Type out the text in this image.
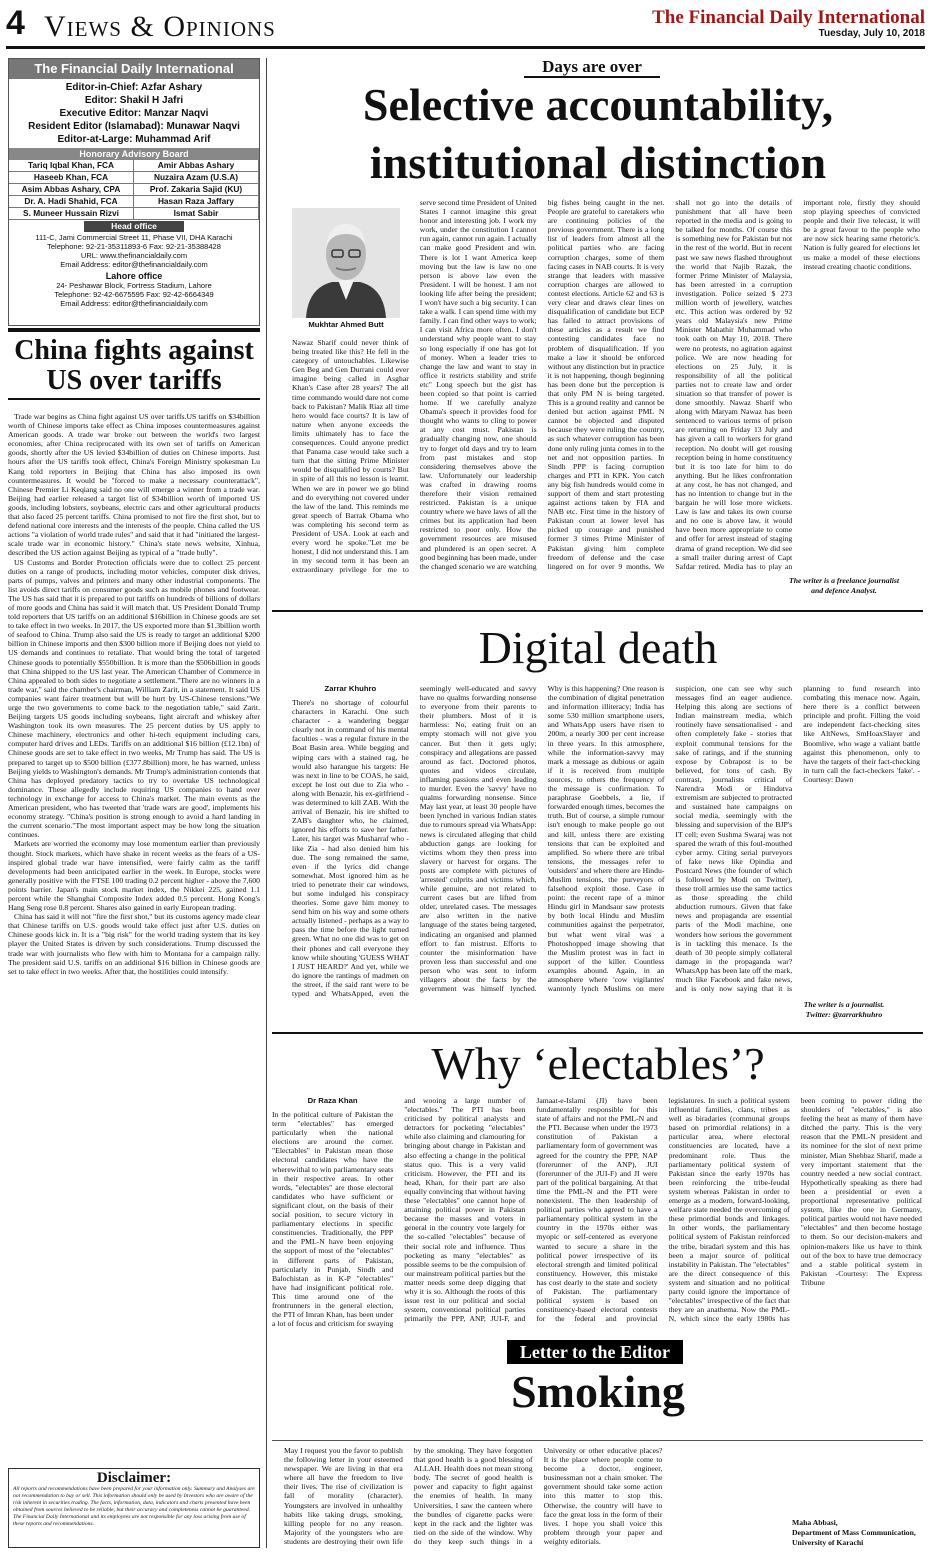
4 Views & Opinions	The Financial Daily International
Tuesday, July 10, 2018
The Financial Daily International
Editor-in-Chief: Azfar Ashary
Editor: Shakil H Jafri
Executive Editor: Manzar Naqvi
Resident Editor (Islamabad): Munawar Naqvi
Editor-at-Large: Muhammad Arif
Honorary Advisory Board
Tariq Iqbal Khan, FCA	Amir Abbas Ashary
Haseeb Khan, FCA	Nuzaira Azam (U.S.A)
Asim Abbas Ashary, CPA	Prof. Zakaria Sajid (KU)
Dr. A. Hadi Shahid, FCA	Hasan Raza Jaffary
S. Muneer Hussain Rizvi	Ismat Sabir
Head office
111-C, Jami Commercial Street 11, Phase VII, DHA Karachi
Telephone: 92-21-35311893-6 Fax: 92-21-35388428
URL: www.thefinancialdaily.com
Email Address: editor@thefinancialdaily.com
Lahore office
24- Peshawar Block, Fortress Stadium, Lahore
Telephone: 92-42-6675595 Fax: 92-42-6664349
Email Address: editor@thefinancialdaily.com
China fights against US over tariffs

Trade war begins as China fight against US over tariffs.US tariffs on $34billion worth of Chinese imports take effect as China imposes countermeasures against American goods. A trade war broke out between the world's two largest economies, after China reciprocated with its own set of tariffs on American goods, shortly after the US levied $34billion of duties on Chinese imports. Just hours after the US tariffs took effect, China's Foreign Ministry spokesman Lu Kang told reporters in Beijing that China has also imposed its own countermeasures. It would be "forced to make a necessary counterattack", Chinese Premier Li Keqiang said no one will emerge a winner from a trade war. Beijing had earlier released a target list of $34billion worth of imported US goods, including lobsters, soybeans, electric cars and other agricultural products that also faced 25 percent tariffs. China promised to not fire the first shot, but to defend national core interests and the interests of the people. China called the US actions "a violation of world trade rules" and said that it had "initiated the largest-scale trade war in economic history." China's state news website, Xinhua, described the US action against Beijing as typical of a "trade bully".

US Customs and Border Protection officials were due to collect 25 percent duties on a range of products, including motor vehicles, computer disk drives, parts of pumps, valves and printers and many other industrial components. The list avoids direct tariffs on consumer goods such as mobile phones and footwear. The US has said that it is prepared to put tariffs on hundreds of billions of dollars of more goods and China has said it will match that. US President Donald Trump told reporters that US tariffs on an additional $16billion in Chinese goods are set to take effect in two weeks. In 2017, the US exported more than $1.3billion worth of seafood to China. Trump also said the US is ready to target an additional $200 billion in Chinese imports and then $300 billion more if Beijing does not yield to US demands and continues to retaliate. That would bring the total of targeted Chinese goods to potentially $550billion. It is more than the $506billion in goods that China shipped to the US last year. The American Chamber of Commerce in China appealed to both sides to negotiate a settlement."There are no winners in a trade war," said the chamber's chairman, William Zarit, in a statement. It said US companies want fairer treatment but will be hurt by US-Chinese tensions."We urge the two governments to come back to the negotiation table," said Zarit. Beijing targets US goods including soybeans, light aircraft and whiskey after Washington took its own measures. The 25 percent duties by US apply to Chinese machinery, electronics and other hi-tech equipment including cars, computer hard drives and LEDs. Tariffs on an additional $16 billion (£12.1bn) of Chinese goods are set to take effect in two weeks, Mr Trump has said. The US is prepared to target up to $500 billion (£377.8billion) more, he has warned, unless Beijing yields to Washington's demands. Mr Trump's administration contends that China has deployed predatory tactics to try to overtake US technological dominance. These allegedly include requiring US companies to hand over technology in exchange for access to China's market. The main events as the American president, who has tweeted that 'trade wars are good', implements his economy strategy. "China's position is strong enough to avoid a hard landing in the current scenario."The most important aspect may be how long the situation continues.

Markets are worried the economy may lose momentum earlier than previously thought. Stock markets, which have shake in recent weeks as the fears of a US-inspired global trade war have intensified, were fairly calm as the tariff developments had been anticipated earlier in the week. In Europe, stocks were generally positive with the FTSE 100 trading 0.2 percent higher - above the 7,600 points barrier. Japan's main stock market index, the Nikkei 225, gained 1.1 percent while the Shanghai Composite Index added 0.5 percent. Hong Kong's Hang Seng rose 0.8 percent. Shares also gained in early European trading.

China has said it will not "fire the first shot," but its customs agency made clear that Chinese tariffs on U.S. goods would take effect just after U.S. duties on Chinese goods kick in. It is a "big risk" for the world trading system that its key player the United States is driven by such considerations. Trump discussed the trade war with journalists who flew with him to Montana for a campaign rally. The president said U.S. tariffs on an additional $16 billion in Chinese goods are set to take effect in two weeks. After that, the hostilities could intensify.

Disclaimer:
All reports and recommendations have been prepared for your information only. Summary and Analyses are not recommendation to buy or sell. This information should only be used by Investors who are aware of the risk inherent in securities trading. The facts, information, data, indicators and charts presented have been obtained from sources believed to be reliable, but their accuracy and completeness cannot be guaranteed. The Financial Daily International and its employees are not responsible for any loss arising from use of these reports and recommendations.
Days are over
Selective accountability,
institutional distinction
Mukhtar Ahmed Butt

Nawaz Sharif could never think of being treated like this? He fell in the category of untouchables. Likewise Gen Beg and Gen Durrani could ever imagine being called in Asghar Khan's Case after 28 years? The all time commando would dare not come back to Pakistan? Malik Riaz all time hero would face courts? It is law of nature when anyone exceeds the limits ultimately has to face the consequences. Could anyone predict that Panama case would take such a turn that the sitting Prime Minister would be disqualified by courts? But in spite of all this no lesson is learnt. When we are in power we go blind and do everything not covered under the law of the land. This reminds me great speech of Barrak Obama who was completing his second term as President of USA. Look at each and every word he spoke."Let me be honest, I did not understand this. I am in my second term it has been an extraordinary privilege for me to serve second time President of United States I cannot imagine this great honor and interesting job. I work my work, under the constitution I cannot run again, cannot run again. I actually can make good President and win. There is lot I want America keep moving but the law is law no one person is above law even the President. I will be honest. I am not looking life after being the president; I won't have such a big security. I can take a walk. I can spend time with my family. I can find other ways to work; I can visit Africa more often. I don't understand why people want to stay so long especially if one has got lot of money. When a leader tries to change the law and want to stay in office it restricts stability and strife etc" Long speech but the gist has been copied so that point is carried home. If we carefully analyze Obama's speech it provides food for thought who wants to cling to power at any cost must. Pakistan is gradually changing now, one should try to forget old days and try to learn from past mistakes and stop considering themselves above the law. Unfortunately our leadership was crafted in drawing rooms therefore their vision remained restricted. Pakistan is a unique country where we have laws of all the crimes but its application had been restricted to poor only. How the government resources are misused and plundered is an open secret. A good beginning has been made, under the changed scenario we are watching big fishes being caught in the net. People are grateful to caretakers who are continuing policies of the previous government. There is a long list of leaders from almost all the political parties who are facing corruption charges, some of them facing cases in NAB courts. It is very strange that leaders with massive corruption charges are allowed to contest elections. Article 62 and 63 is very clear and draws clear lines on disqualification of candidate but ECP has failed to attract provisions of these articles as a result we find contesting candidates face no problem of disqualification. If you make a law it should be enforced without any distinction but in practice it is not happening, though beginning has been done but the perception is that only PM N is being targeted. This is a ground reality and cannot be denied but action against PML N cannot be objected and disputed because they were ruling the country, as such whatever corruption has been done only ruling junta comes in to the net and not opposition parties. In Sindh PPP is facing corruption charges and PTI in KPK. You catch any big fish hundreds would come in support of them and start protesting against actions taken by FIA and NAB etc. First time in the history of Pakistan court at lower level has picked up courage and punished former 3 times Prime Minister of Pakistan giving him complete freedom of defense and the case lingered on for over 9 months. We shall not go into the details of punishment that all have been reported in the media and is going to be talked for months. Of course this is something new for Pakistan but not in the rest of the world. But in recent past we saw news flashed throughout the world that Najib Razak, the former Prime Minister of Malaysia, has been arrested in a corruption investigation. Police seized $ 273 million worth of jewellery, watches etc. This action was ordered by 92 years old Malaysia's new Prime Minister Mahathir Muhammad who took oath on May 10, 2018. There were no protests, no agitation against police. We are now heading for elections on 25 July, it is responsibility of all the political parties not to create law and order situation so that transfer of power is done smoothly. Nawaz Sharif who along with Maryam Nawaz has been sentenced to various terms of prison are returning on Friday 13 July and has given a call to workers for grand reception. No doubt will get rousing reception being in home constituency but it is too late for him to do anything. But he likes confrontation at any cost, he has not changed, and has no intention to change but in the bargain he will lose more wickets. Law is law and takes its own course and no one is above law, it would have been more appropriate to come and offer for arrest instead of staging drama of grand reception. We did see a small trailer during arrest of Capt Safdar retired. Media has to play an important role, firstly they should stop playing speeches of convicted people and their live telecast, it will be a great favour to the people who are now sick hearing same rhetoric's. Nation is fully geared for elections let us make a model of these elections instead creating chaotic conditions.

The writer is a freelance journalist
and defence Analyst.
Digital death
Zarrar Khuhro

There's no shortage of colourful characters in Karachi. One such character - a wandering beggar clearly not in command of his mental faculties - was a regular fixture in the Boat Basin area. While begging and wiping cars with a stained rag, he would also harangue his targets: He was next in line to be COAS, he said, except he lost out due to Zia who - along with Benazir, his ex-girlfriend - was determined to kill ZAB. With the arrival of Benazir, his ire shifted to ZAB's daughter who, he claimed, ignored his efforts to save her father. Later, his target was Musharraf who - like Zia - had also denied him his due. The song remained the same, even if the lyrics did change somewhat. Most ignored him as he tried to penetrate their car windows, but some indulged his conspiracy theories. Some gave him money to send him on his way and some others actually listened - perhaps as a way to pass the time before the light turned green. What no one did was to get on their phones and call everyone they know while shouting 'GUESS WHAT I JUST HEARD?' And yet, while we do ignore the rantings of madmen on the street, if the said rant were to be typed and WhatsApped, even the seemingly well-educated and savvy have no qualms forwarding nonsense to everyone from their parents to their plumbers. Most of it is harmless: No, eating fruit on an empty stomach will not give you cancer. But then it gets ugly; conspiracy and allegations are passed around as fact. Doctored photos, quotes and videos circulate, inflaming passions and even leading to murder. Even the 'savvy' have no qualms forwarding nonsense. Since May last year, at least 30 people have been lynched in various Indian states due to rumours spread via WhatsApp: news is circulated alleging that child abduction gangs are looking for victims whom they then press into slavery or harvest for organs. The posts are complete with pictures of 'arrested' culprits and victims which, while genuine, are not related to current cases but are lifted from older, unrelated cases. The messages are also written in the native language of the states being targeted, indicating an organised and planned effort to fan mistrust. Efforts to counter the misinformation have proven less than successful and one person who was sent to inform villagers about the facts by the government was himself lynched. Why is this happening? One reason is the combination of digital penetration and information illiteracy; India has some 530 million smartphone users, and WhatsApp users have risen to 200m, a nearly 300 per cent increase in three years. In this atmosphere, while the information-savvy may mark a message as dubious or again if it is received from multiple sources, to others the frequency of the message is confirmation. To paraphrase Goebbels, a lie, if forwarded enough times, becomes the truth. But of course, a simple rumour isn't enough to make people go out and kill, unless there are existing tensions that can be exploited and amplified. So where there are tribal tensions, the messages refer to 'outsiders' and where there are Hindu-Muslim tensions, the purveyors of falsehood exploit those. Case in point: the recent rape of a minor Hindu girl in Mandsaur saw protests by both local Hindu and Muslim communities against the perpetrator, but what went viral was a Photoshopped image showing that the Muslim protest was in fact in support of the killer. Countless examples abound. Again, in an atmosphere where 'cow vigilantes' wantonly lynch Muslims on mere suspicion, one can see why such messages find an eager audience. Helping this along are sections of Indian mainstream media, which routinely have sensationalised - and often completely fake - stories that exploit communal tensions for the sake of ratings, and if the stunning expose by Cobrapost is to be believed, for tons of cash. By contrast, journalists critical of Narendra Modi or Hindutva extremism are subjected to protracted and sustained hate campaigns on social media, seemingly with the blessing and supervision of the BJP's IT cell; even Sushma Swaraj was not spared the wrath of this foul-mouthed cyber army. Citing serial purveyors of fake news like Opindia and Postcard News (the founder of which is followed by Modi on Twitter), these troll armies use the same tactics as those spreading the child abduction rumours. Given that fake news and propaganda are essential parts of the Modi machine, one wonders how serious the government is in tackling this menace. Is the death of 30 people simply collateral damage in the propaganda war? WhatsApp has been late off the mark, much like Facebook and fake news, and is only now saying that it is planning to fund research into combating this menace now. Again, here there is a conflict between principle and profit. Filling the void are independent fact-checking sites like AltNews, SmHoaxSlayer and Boomlive, who wage a valiant battle against this phenomenon, only to have the targets of their fact-checking in turn call the fact-checkers 'fake'. -Courtesy: Dawn

The writer is a journalist.
Twitter: @zarrarkhuhro
Why ‘electables’?
Dr Raza Khan

In the political culture of Pakistan the term "electables" has emerged particularly when the national elections are around the corner. "Electables" in Pakistan mean those electoral candidates who have the wherewithal to win parliamentary seats in their respective areas. In other words, "electables" are those electoral candidates who have sufficient or significant clout, on the basis of their social position, to secure victory in parliamentary elections in specific constituencies. Traditionally, the PPP and the PML-N have been enjoying the support of most of the "electables" in different parts of Pakistan, particularly in Punjab, Sindh and Balochistan as in K-P "electables" have had insignificant political role. This time around one of the frontrunners in the general election, the PTI of Imran Khan, has been under a lot of focus and criticism for swaying and wooing a large number of "electables." The PTI has been criticised by political analysts and detractors for pocketing "electables" while also claiming and clamouring for bringing about change in Pakistan and also effecting a change in the political status quo. This is a very valid criticism. However, the PTI and its head, Khan, for their part are also equally convincing that without having these "electables" one cannot hope of attaining political power in Pakistan because the masses and voters in general in the country vote largely for the so-called "electables" because of their social role and influence. Thus pocketing as many "electables" as possible seems to be the compulsion of our mainstream political parties but the matter needs some deep digging that why it is so. Although the roots of this issue rest in our political and social system, conventional political parties primarily the PPP, ANP, JUI-F, and Jamaat-e-Islami (JI) have been fundamentally responsible for this state of affairs and not the PML-N and the PTI. Because when under the 1973 constitution of Pakistan a parliamentary form of government was agreed for the country the PPP, NAP (forerunner of the ANP), JUI (forerunner of the JUI-F) and JI were part of the political bargaining. At that time the PML-N and the PTI were nonexistent. The then leadership of political parties who agreed to have a parliamentary political system in the country in the 1970s either was myopic or self-centered as everyone wanted to secure a share in the political power irrespective of its electoral strength and limited political constituency. However, this mistake has cost dearly to the state and society of Pakistan. The parliamentary political system is based on constituency-based electoral contests for the federal and provincial legislatures. In such a political system influential families, clans, tribes as well as biradaries (communal groups based on primordial relations) in a particular area, where electoral constituencies are located, have a predominant role. Thus the parliamentary political system of Pakistan since the early 1970s has been reinforcing the tribe-feudal system whereas Pakistan in order to emerge as a modern, forward-looking, welfare state needed the overcoming of these primordial bonds and linkages. In other words, the parliamentary political system of Pakistan reinforced the tribe, biradari system and this has been a major source of political instability in Pakistan. The "electables" are the direct consequence of this system and situation and no political party could ignore the importance of "electables" irrespective of the fact that they are an anathema. Now the PML-N, which since the early 1980s has been coming to power riding the shoulders of "electables," is also feeling the heat as many of them have ditched the party. This is the very reason that the PML-N president and its nominee for the slot of next prime minister, Mian Shehbaz Sharif, made a very important statement that the country needed a new social contract. Hypothetically speaking as there had been a presidential or even a proportional representative political system, like the one in Germany, political parties would not have needed "electables" and then become hostage to them. So our decision-makers and opinion-makers like us have to think out of the box to have true democracy and a stable political system in Pakistan -Courtesy: The Express Tribune

Letter to the Editor
Smoking

May I request you the favor to publish the following letter in your esteemed newspaper. We are living in that era where all have the freedom to live their lives. The rise of civilization is fall of morality (character). Youngsters are involved in unhealthy habits like taking drugs, smoking, killing people for no any reason. Majority of the youngsters who are students are destroying their own life by the smoking. They have forgotten that good health is a good blessing of ALLAH. Health does not mean strong body. The secret of good health is power and capacity to fight against the enemies of health. In many Universities, I saw the canteen where the bundles of cigarette packs were kept in the rack and the lighter was tied on the side of the window. Why do they keep such things in a University or other educative places? It is the place where people come to become a doctor, engineer, businessman not a chain smoker. The government should take some action into this matter to stop this. Otherwise, the country will have to face the great loss in the form of their lives. I hope you shall voice this problem through your paper and weighty editorials.

Maha Abbasi,
Department of Mass Communication,
University of Karachi
